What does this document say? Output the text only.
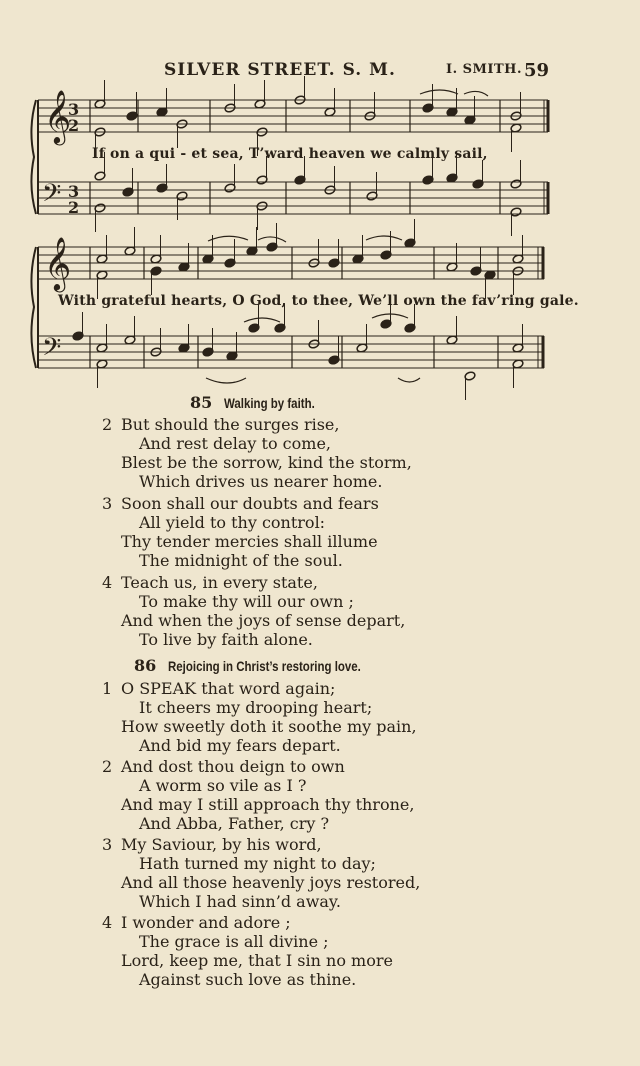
SILVER STREET. S. M.	I. SMITH. 59
𝄞
𝄢
3
2
3
2
𝄞
𝄢
If on a qui - et sea, T’ward heaven we calmly sail,
With grateful hearts, O God, to thee, We’ll own the fav’ring gale.
85 Walking by faith.
2 But should the surges rise,
And rest delay to come,
Blest be the sorrow, kind the storm,
Which drives us nearer home.
3 Soon shall our doubts and fears
All yield to thy control:
Thy tender mercies shall illume
The midnight of the soul.
4 Teach us, in every state,
To make thy will our own ;
And when the joys of sense depart,
To live by faith alone.
86 Rejoicing in Christ’s restoring love.
1 O SPEAK that word again;
It cheers my drooping heart;
How sweetly doth it soothe my pain,
And bid my fears depart.
2 And dost thou deign to own
A worm so vile as I ?
And may I still approach thy throne,
And Abba, Father, cry ?
3 My Saviour, by his word,
Hath turned my night to day;
And all those heavenly joys restored,
Which I had sinn’d away.
4 I wonder and adore ;
The grace is all divine ;
Lord, keep me, that I sin no more
Against such love as thine.
